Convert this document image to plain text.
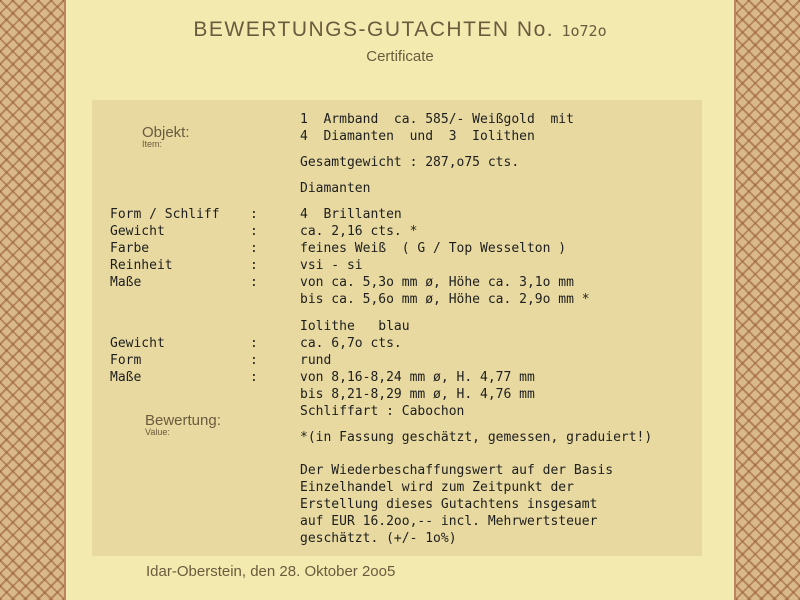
BEWERTUNGS-GUTACHTEN No. 1o72o
Certificate
Objekt:
Item:
Bewertung:
Value:
1  Armband  ca. 585/- Weißgold  mit
4  Diamanten  und  3  Iolithen
Gesamtgewicht : 287,o75 cts.
Diamanten
Form / Schliff :	4  Brillanten
Gewicht	:	ca. 2,16 cts. *
Farbe	:	feines Weiß  ( G / Top Wesselton )
Reinheit	:	vsi - si
Maße	:	von ca. 5,3o mm ø, Höhe ca. 3,1o mm
bis ca. 5,6o mm ø, Höhe ca. 2,9o mm *
Iolithe   blau
Gewicht	:	ca. 6,7o cts.
Form	:	rund
Maße	:	von 8,16-8,24 mm ø, H. 4,77 mm
bis 8,21-8,29 mm ø, H. 4,76 mm
Schliffart : Cabochon
*(in Fassung geschätzt, gemessen, graduiert!)
Der Wiederbeschaffungswert auf der Basis
Einzelhandel wird zum Zeitpunkt der
Erstellung dieses Gutachtens insgesamt
auf EUR 16.2oo,-- incl. Mehrwertsteuer
geschätzt. (+/- 1o%)
Idar-Oberstein, den 28. Oktober 2oo5
